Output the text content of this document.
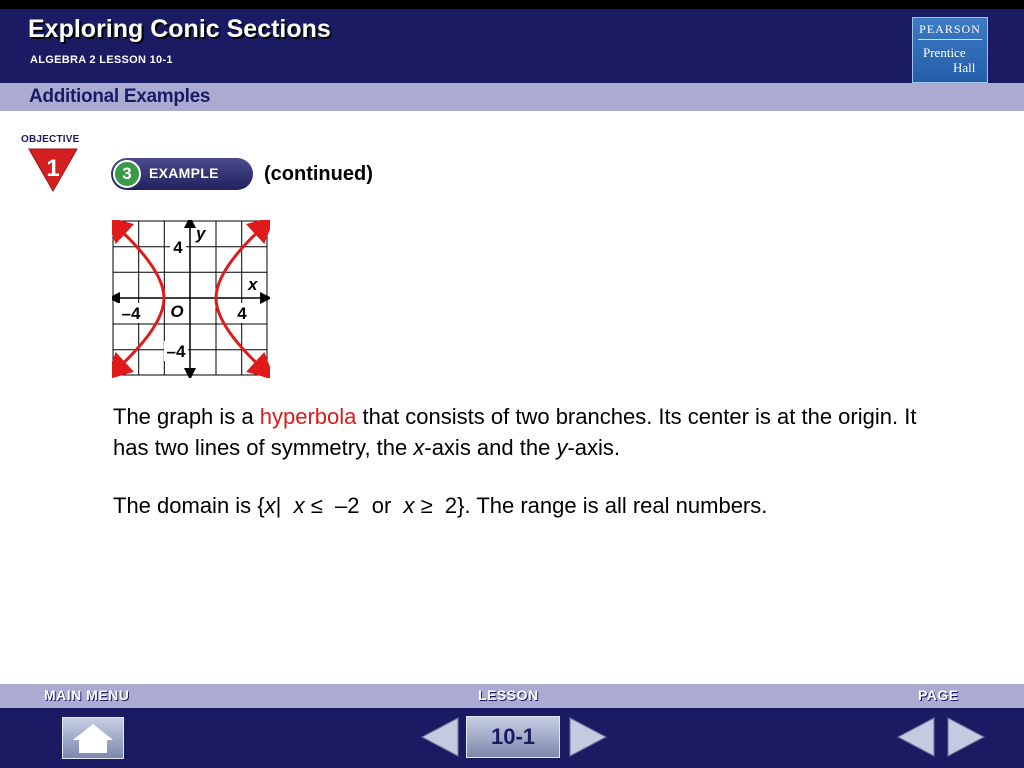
Exploring Conic Sections
ALGEBRA 2 LESSON 10-1
PEARSON
Prentice
Hall
Additional Examples
OBJECTIVE
1	3	EXAMPLE (continued)
4
y
x
–4 O	4
–4
The graph is a hyperbola that consists of two branches. Its center is at the origin. It has two lines of symmetry, the x-axis and the y-axis.
The domain is {x|  x ≤  –2  or  x ≥  2}. The range is all real numbers.
MAIN MENU	LESSON	PAGE
10-1
